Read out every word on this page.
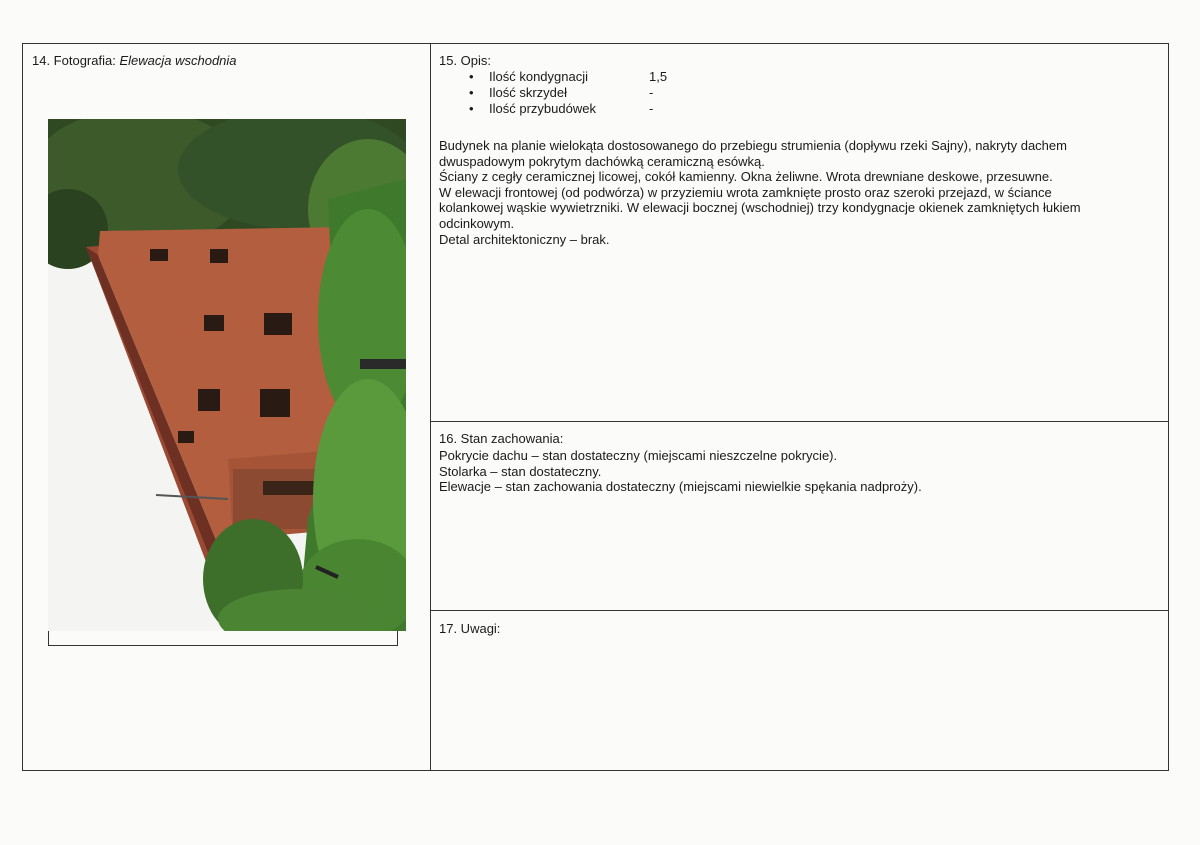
14. Fotografia: Elewacja wschodnia	15. Opis:
• Ilość kondygnacji	1,5
• Ilość skrzydeł	-
• Ilość przybudówek	-
Budynek na planie wielokąta dostosowanego do przebiegu strumienia (dopływu rzeki Sajny), nakryty dachem
dwuspadowym pokrytym dachówką ceramiczną esówką.
Ściany z cegły ceramicznej licowej, cokół kamienny. Okna żeliwne. Wrota drewniane deskowe, przesuwne.
W elewacji frontowej (od podwórza) w przyziemiu wrota zamknięte prosto oraz szeroki przejazd, w ściance
kolankowej wąskie wywietrzniki. W elewacji bocznej (wschodniej) trzy kondygnacje okienek zamkniętych łukiem
odcinkowym.
Detal architektoniczny – brak.
16. Stan zachowania:
Pokrycie dachu – stan dostateczny (miejscami nieszczelne pokrycie).
Stolarka – stan dostateczny.
Elewacje – stan zachowania dostateczny (miejscami niewielkie spękania nadproży).
17. Uwagi:
